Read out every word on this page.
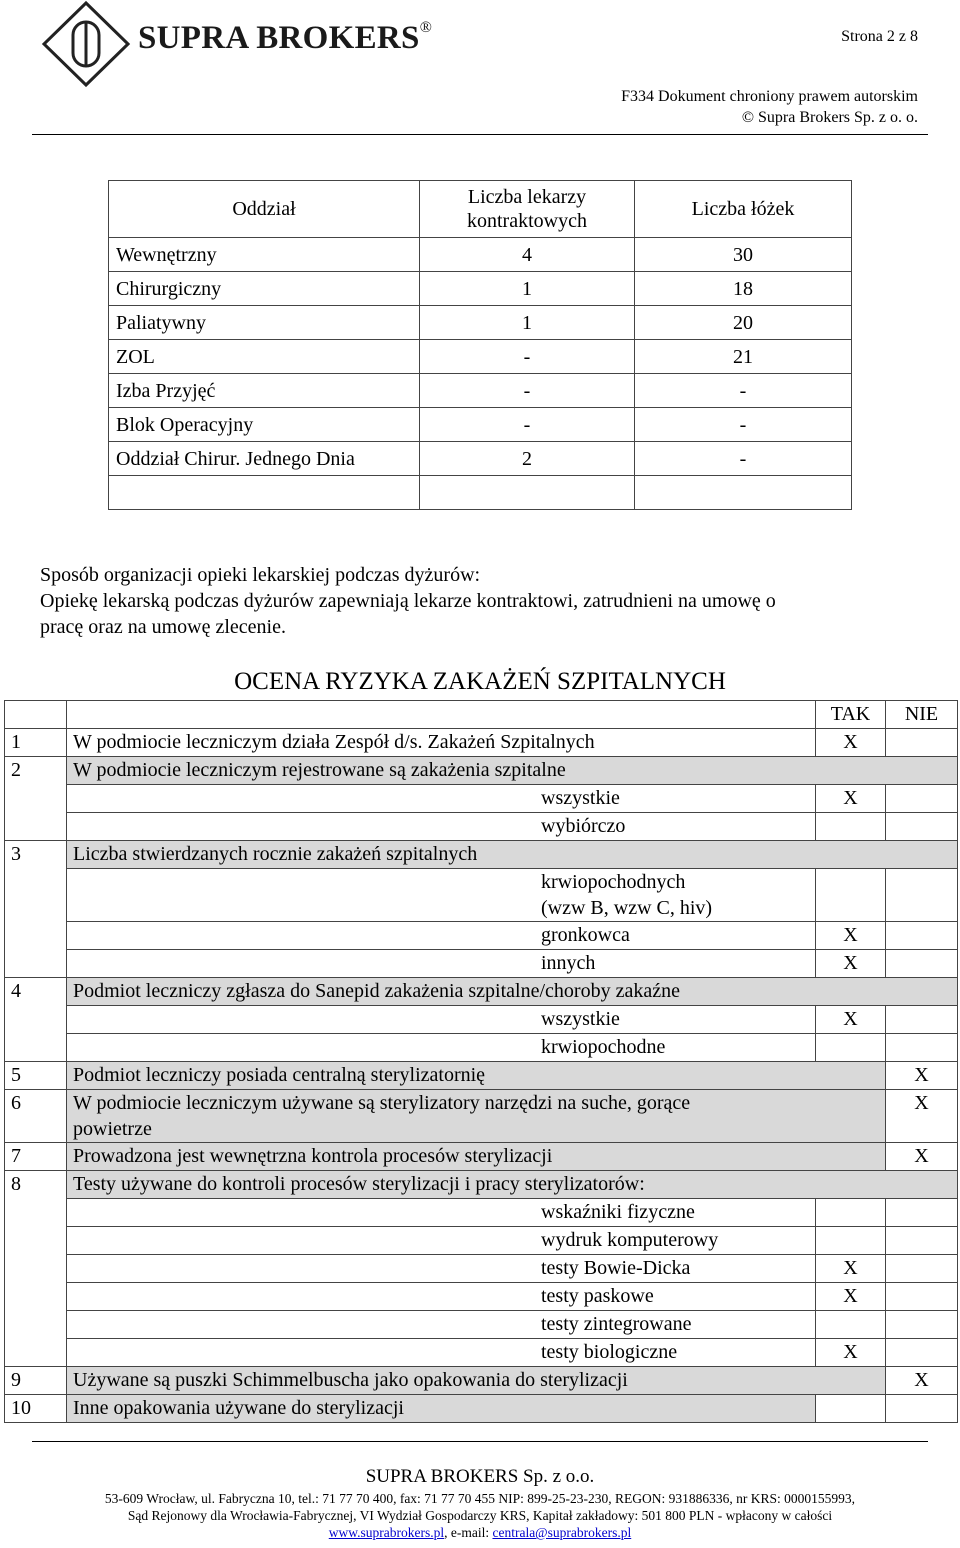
SUPRA BROKERS®
Strona 2 z 8
F334 Dokument chroniony prawem autorskim
© Supra Brokers Sp. z o. o.
Oddział	Liczba lekarzy kontraktowych	Liczba łóżek
Wewnętrzny	4	30
Chirurgiczny	1	18
Paliatywny	1	20
ZOL	-	21
Izba Przyjęć	-	-
Blok Operacyjny	-	-
Oddział Chirur. Jednego Dnia	2	-

Sposób organizacji opieki lekarskiej podczas dyżurów:
Opiekę lekarską podczas dyżurów zapewniają lekarze kontraktowi, zatrudnieni na umowę o
pracę oraz na umowę zlecenie.
OCENA RYZYKA ZAKAŻEŃ SZPITALNYCH
		TAK	NIE
1	W podmiocie leczniczym działa Zespół d/s. Zakażeń Szpitalnych	X	
2	W podmiocie leczniczym rejestrowane są zakażenia szpitalne		

	wszystkie	X	

	wybiórczo		

3	Liczba stwierdzanych rocznie zakażeń szpitalnych		

	krwiopochodnych
(wzw B, wzw C, hiv)		

	gronkowca	X	

	innych	X	
4	Podmiot leczniczy zgłasza do Sanepid zakażenia szpitalne/choroby zakaźne		

	wszystkie	X	

	krwiopochodne		

5	Podmiot leczniczy posiada centralną sterylizatornię		X
6	W podmiocie leczniczym używane są sterylizatory narzędzi na suche, gorące
powietrze		X
7	Prowadzona jest wewnętrzna kontrola procesów sterylizacji		X
8	Testy używane do kontroli procesów sterylizacji i pracy sterylizatorów:		

	wskaźniki fizyczne		

	wydruk komputerowy		

	testy Bowie-Dicka	X	

	testy paskowe	X	

	testy zintegrowane		

	testy biologiczne	X	
9	Używane są puszki Schimmelbuscha jako opakowania do sterylizacji		X
10	Inne opakowania używane do sterylizacji		
SUPRA BROKERS Sp. z o.o.
53-609 Wrocław, ul. Fabryczna 10, tel.: 71 77 70 400, fax: 71 77 70 455 NIP: 899-25-23-230, REGON: 931886336, nr KRS: 0000155993,
Sąd Rejonowy dla Wrocławia-Fabrycznej, VI Wydział Gospodarczy KRS, Kapitał zakładowy: 501 800 PLN - wpłacony w całości
www.suprabrokers.pl, e-mail: centrala@suprabrokers.pl
